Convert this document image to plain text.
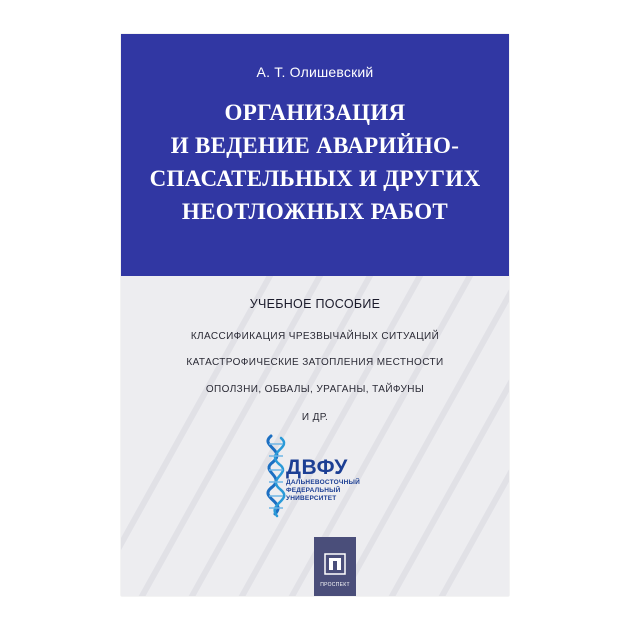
А. Т. Олишевский
ОРГАНИЗАЦИЯ
И ВЕДЕНИЕ АВАРИЙНО-
СПАСАТЕЛЬНЫХ И ДРУГИХ
НЕОТЛОЖНЫХ РАБОТ
УЧЕБНОЕ ПОСОБИЕ
КЛАССИФИКАЦИЯ ЧРЕЗВЫЧАЙНЫХ СИТУАЦИЙ
КАТАСТРОФИЧЕСКИЕ ЗАТОПЛЕНИЯ МЕСТНОСТИ
ОПОЛЗНИ, ОБВАЛЫ, УРАГАНЫ, ТАЙФУНЫ
И ДР.
ДВФУ
ДАЛЬНЕВОСТОЧНЫЙ
ФЕДЕРАЛЬНЫЙ
УНИВЕРСИТЕТ
ПРОСПЕКТ
